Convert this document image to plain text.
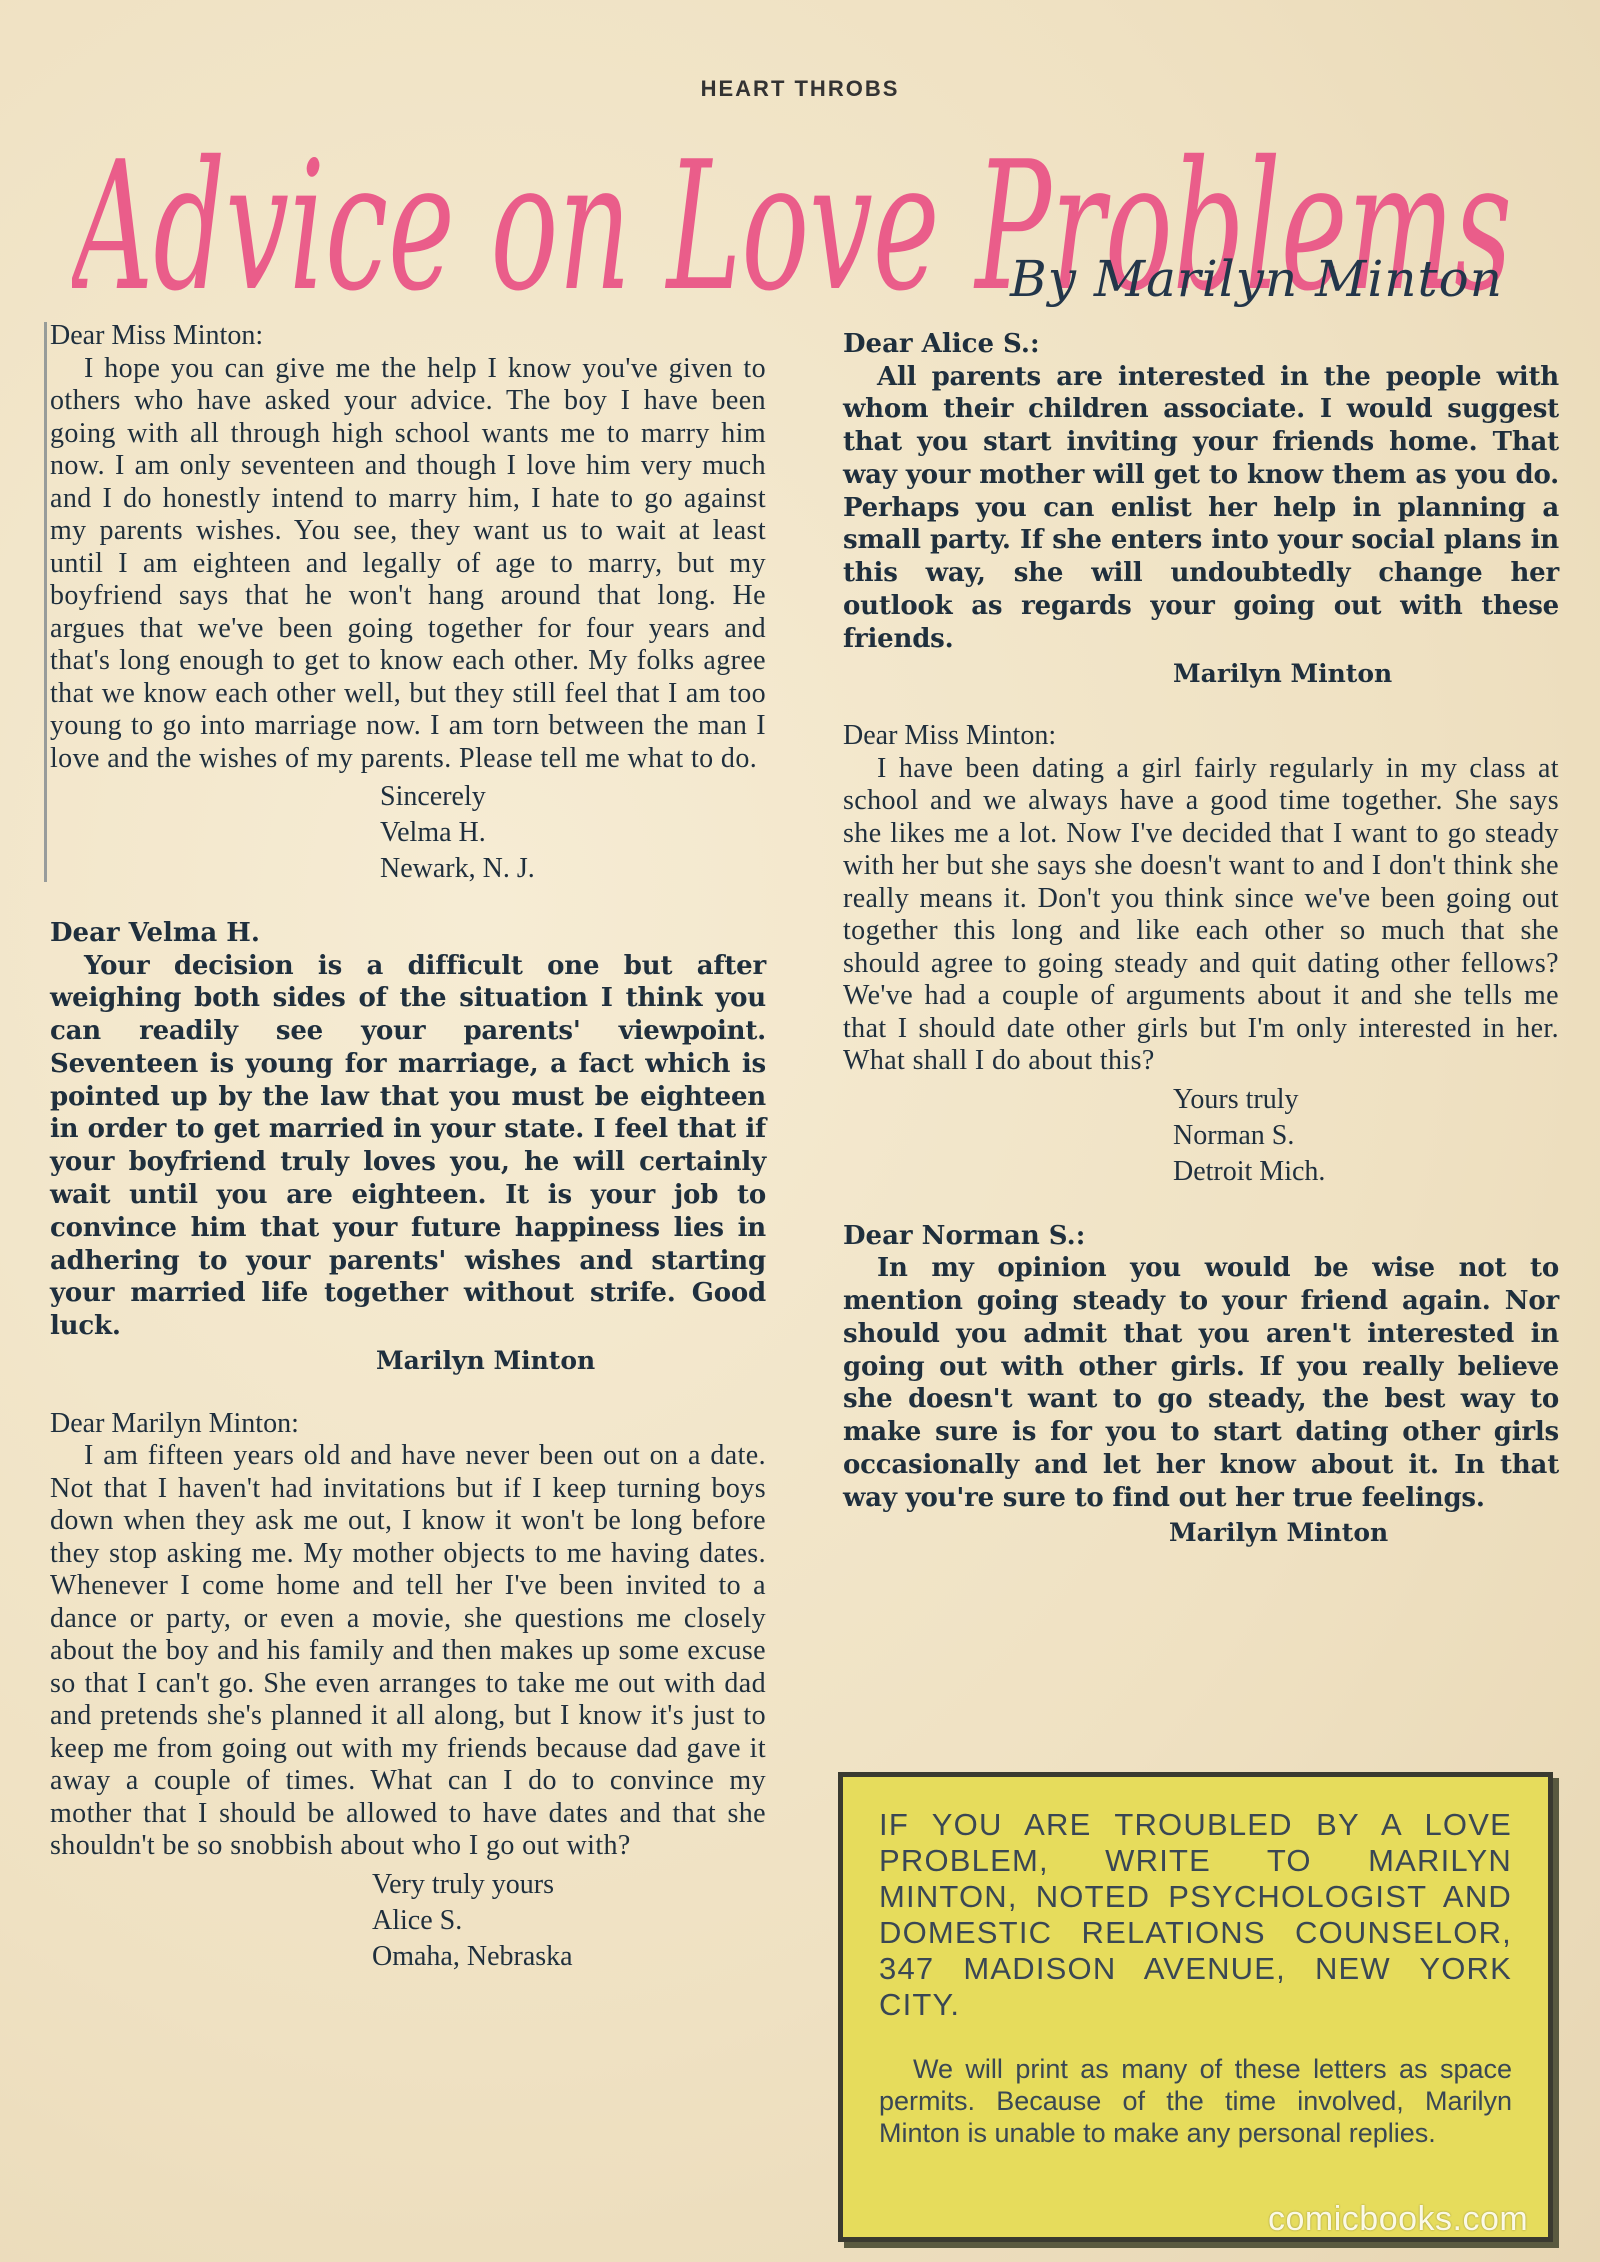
HEART THROBS
Advice on Love Problems
By Marilyn Minton

Dear Miss Minton:

I hope you can give me the help I know you've given to others who have asked your advice. The boy I have been going with all through high school wants me to marry him now. I am only seventeen and though I love him very much and I do honestly intend to marry him, I hate to go against my parents wishes. You see, they want us to wait at least until I am eighteen and legally of age to marry, but my boyfriend says that he won't hang around that long. He argues that we've been going together for four years and that's long enough to get to know each other. My folks agree that we know each other well, but they still feel that I am too young to go into marriage now. I am torn between the man I love and the wishes of my parents. Please tell me what to do.

Sincerely
Velma H.
Newark, N. J.

Dear Velma H.

Your decision is a difficult one but after weighing both sides of the situation I think you can readily see your parents' viewpoint. Seventeen is young for marriage, a fact which is pointed up by the law that you must be eighteen in order to get married in your state. I feel that if your boyfriend truly loves you, he will certainly wait until you are eighteen. It is your job to convince him that your future happiness lies in adhering to your parents' wishes and starting your married life together without strife. Good luck.

Marilyn Minton

Dear Marilyn Minton:

I am fifteen years old and have never been out on a date. Not that I haven't had invitations but if I keep turning boys down when they ask me out, I know it won't be long before they stop asking me. My mother objects to me having dates. Whenever I come home and tell her I've been invited to a dance or party, or even a movie, she questions me closely about the boy and his family and then makes up some excuse so that I can't go. She even arranges to take me out with dad and pretends she's planned it all along, but I know it's just to keep me from going out with my friends because dad gave it away a couple of times. What can I do to convince my mother that I should be allowed to have dates and that she shouldn't be so snobbish about who I go out with?

Very truly yours
Alice S.
Omaha, Nebraska

Dear Alice S.:

All parents are interested in the people with whom their children associate. I would suggest that you start inviting your friends home. That way your mother will get to know them as you do. Perhaps you can enlist her help in planning a small party. If she enters into your social plans in this way, she will undoubtedly change her outlook as regards your going out with these friends.

Marilyn Minton

Dear Miss Minton:

I have been dating a girl fairly regularly in my class at school and we always have a good time together. She says she likes me a lot. Now I've decided that I want to go steady with her but she says she doesn't want to and I don't think she really means it. Don't you think since we've been going out together this long and like each other so much that she should agree to going steady and quit dating other fellows? We've had a couple of arguments about it and she tells me that I should date other girls but I'm only interested in her. What shall I do about this?

Yours truly
Norman S.
Detroit Mich.

Dear Norman S.:

In my opinion you would be wise not to mention going steady to your friend again. Nor should you admit that you aren't interested in going out with other girls. If you really believe she doesn't want to go steady, the best way to make sure is for you to start dating other girls occasionally and let her know about it. In that way you're sure to find out her true feelings.

Marilyn Minton

IF YOU ARE TROUBLED BY A LOVE PROBLEM, WRITE TO MARILYN MINTON, NOTED PSYCHOLOGIST AND DOMESTIC RELATIONS COUNSELOR, 347 MADISON AVENUE, NEW YORK CITY.

We will print as many of these letters as space permits. Because of the time involved, Marilyn Minton is unable to make any personal replies.

comicbooks.com
